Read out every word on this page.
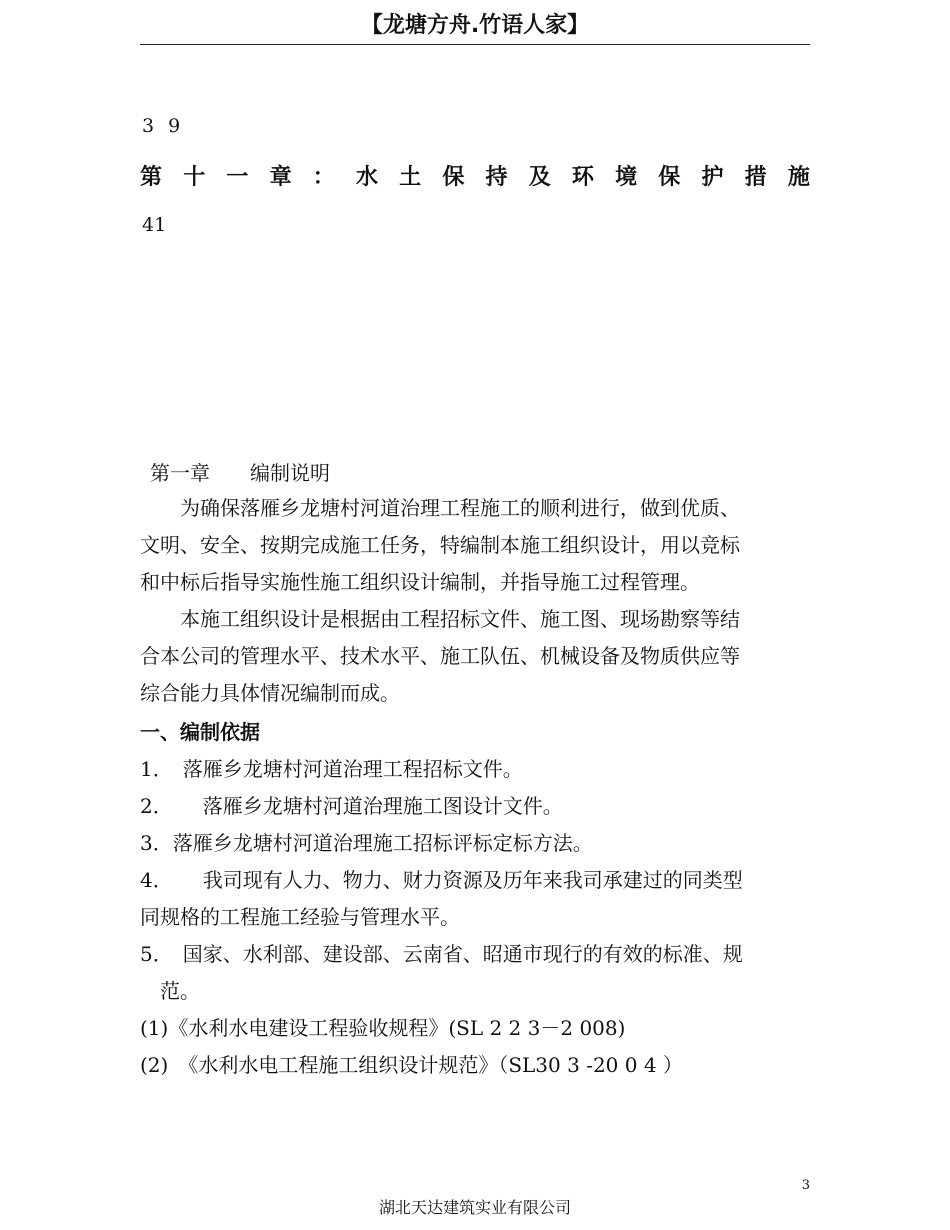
【龙塘方舟.竹语人家】
3 9
第 十 一 章 ： 水 土 保 持 及 环 境 保 护 措 施
41
第一章　　编制说明
　　为确保落雁乡龙塘村河道治理工程施工的顺利进行，做到优质、
文明、安全、按期完成施工任务，特编制本施工组织设计，用以竞标
和中标后指导实施性施工组织设计编制，并指导施工过程管理。
　　本施工组织设计是根据由工程招标文件、施工图、现场勘察等结
合本公司的管理水平、技术水平、施工队伍、机械设备及物质供应等
综合能力具体情况编制而成。
一、编制依据
1．　落雁乡龙塘村河道治理工程招标文件。
2．　　落雁乡龙塘村河道治理施工图设计文件。
3．落雁乡龙塘村河道治理施工招标评标定标方法。
4．　　我司现有人力、物力、财力资源及历年来我司承建过的同类型
同规格的工程施工经验与管理水平。
5．　国家、水利部、建设部、云南省、昭通市现行的有效的标准、规
　范。
(1)《水利水电建设工程验收规程》(SL 2 2 3－2 008)
(2)　《水利水电工程施工组织设计规范》（SL30 3 -20 0 4 ）
3
湖北天达建筑实业有限公司
